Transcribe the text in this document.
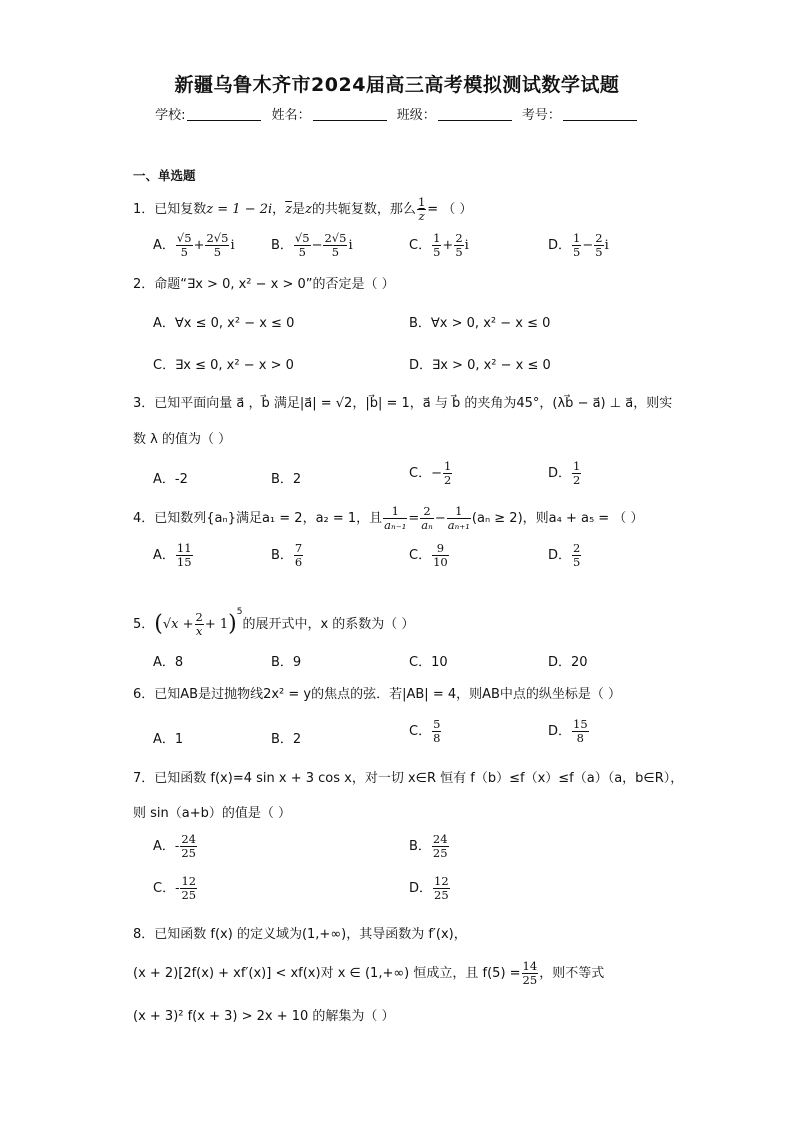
新疆乌鲁木齐市2024届高三高考模拟测试数学试题
学校:	姓名：	班级：	考号：
一、单选题
1．已知复数z = 1 − 2i，$\overline{z}$是z的共轭复数，那么 $\frac{1}{z}$ = （ ）
A． $\frac{√5}{5} + \frac{2√5}{5}$ i	B． $\frac{√5}{5} - \frac{2√5}{5}$ i	C． $\frac{1}{5} + \frac{2}{5}$ i	D． $\frac{1}{5} - \frac{2}{5}$ i
2．命题“∃x > 0, x² − x > 0”的否定是（ ）
A．∀x ≤ 0, x² − x ≤ 0	B．∀x > 0, x² − x ≤ 0
C．∃x ≤ 0, x² − x > 0	D．∃x > 0, x² − x ≤ 0
3．已知平面向量 a⃗ ，b⃗ 满足|a⃗| = √2，|b⃗| = 1，a⃗ 与 b⃗ 的夹角为45°，(λb⃗ − a⃗) ⊥ a⃗，则实
数 λ 的值为（ ）
A．-2	B．2	C．− $\frac{1}{2}$	D． $\frac{1}{2}$
4．已知数列{aₙ}满足a₁ = 2，a₂ = 1，且 $\frac{1}{\text{aₙ₋₁}} = \frac{2}{\text{aₙ}} - \frac{1}{\text{aₙ₊₁}} (a_n \ge 2)$，则a₄ + a₅ = （ ）
A． $\frac{11}{15}$	B． $\frac{7}{6}$	C． $\frac{9}{10}$	D． $\frac{2}{5}$
5．$(√x + \frac{2}{x} + 1)^5$的展开式中，x 的系数为（ ）
A．8	B．9	C．10	D．20
6．已知AB是过抛物线2x² = y的焦点的弦．若|AB| = 4，则AB中点的纵坐标是（ ）
A．1	B．2
C． $\frac{5}{8}$	D． $\frac{15}{8}$
7．已知函数 f(x)=4 sin x + 3 cos x，对一切 x∈R 恒有 f（b）≤f（x）≤f（a）（a，b∈R），
则 sin（a+b）的值是（ ）
A．- $\frac{24}{25}$	B． $\frac{24}{25}$
C．- $\frac{12}{25}$	D． $\frac{12}{25}$
8．已知函数 f(x) 的定义域为(1,+∞)，其导函数为 f′(x)，
(x + 2)[2f(x) + xf′(x)] < xf(x)对 x ∈ (1,+∞) 恒成立，且 $f(5) = \frac{14}{25}$ ，则不等式
(x + 3)² f(x + 3) > 2x + 10 的解集为（ ）
